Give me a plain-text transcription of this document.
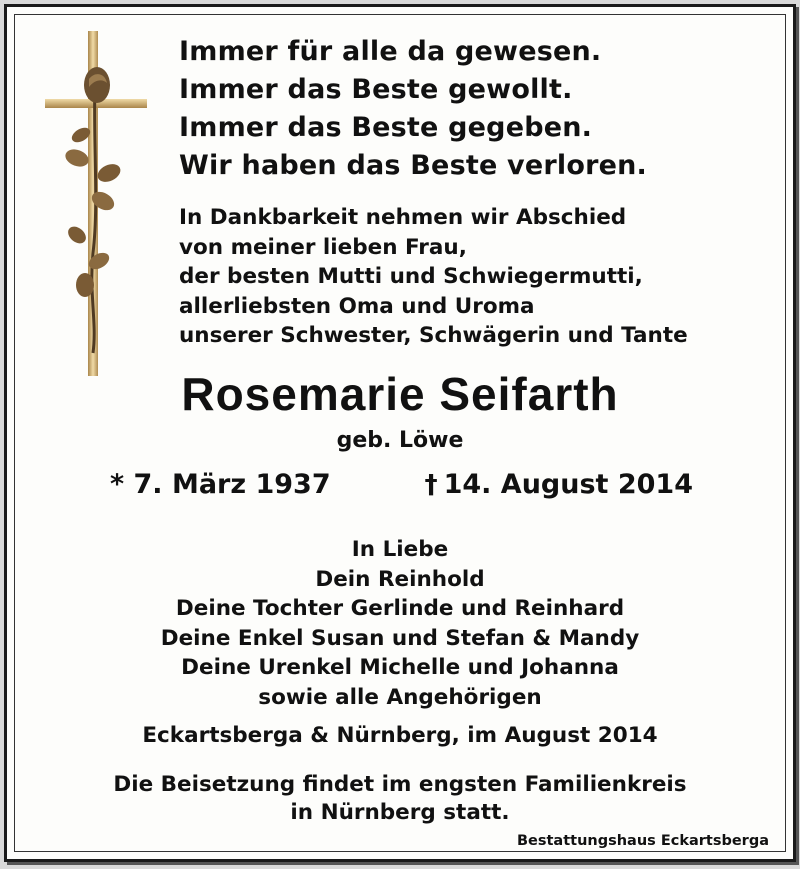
Immer für alle da gewesen.
Immer das Beste gewollt.
Immer das Beste gegeben.
Wir haben das Beste verloren.
In Dankbarkeit nehmen wir Abschied
von meiner lieben Frau,
der besten Mutti und Schwiegermutti,
allerliebsten Oma und Uroma
unserer Schwester, Schwägerin und Tante
Rosemarie Seifarth
geb. Löwe
* 7. März 1937	† 14. August 2014
In Liebe
Dein Reinhold
Deine Tochter Gerlinde und Reinhard
Deine Enkel Susan und Stefan & Mandy
Deine Urenkel Michelle und Johanna
sowie alle Angehörigen
Eckartsberga & Nürnberg, im August 2014
Die Beisetzung findet im engsten Familienkreis
in Nürnberg statt.
Bestattungshaus Eckartsberga
